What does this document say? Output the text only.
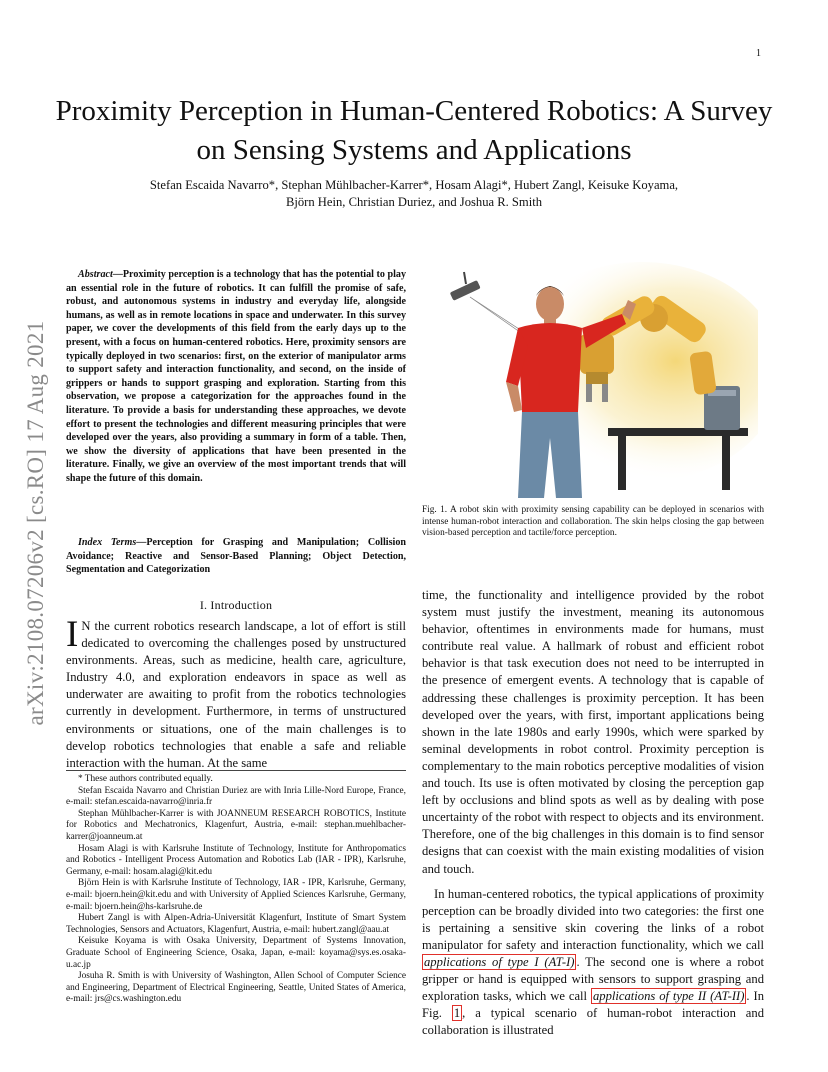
1
Proximity Perception in Human-Centered Robotics: A Survey on Sensing Systems and Applications
Stefan Escaida Navarro*, Stephan Mühlbacher-Karrer*, Hosam Alagi*, Hubert Zangl, Keisuke Koyama,
Björn Hein, Christian Duriez, and Joshua R. Smith
arXiv:2108.07206v2 [cs.RO] 17 Aug 2021
Abstract—Proximity perception is a technology that has the potential to play an essential role in the future of robotics. It can fulfill the promise of safe, robust, and autonomous systems in industry and everyday life, alongside humans, as well as in remote locations in space and underwater. In this survey paper, we cover the developments of this field from the early days up to the present, with a focus on human-centered robotics. Here, proximity sensors are typically deployed in two scenarios: first, on the exterior of manipulator arms to support safety and interaction functionality, and second, on the inside of grippers or hands to support grasping and exploration. Starting from this observation, we propose a categorization for the approaches found in the literature. To provide a basis for understanding these approaches, we devote effort to present the technologies and different measuring principles that were developed over the years, also providing a summary in form of a table. Then, we show the diversity of applications that have been presented in the literature. Finally, we give an overview of the most important trends that will shape the future of this domain.
Index Terms—Perception for Grasping and Manipulation; Collision Avoidance; Reactive and Sensor-Based Planning; Object Detection, Segmentation and Categorization
I. Introduction
I N the current robotics research landscape, a lot of effort is still dedicated to overcoming the challenges posed by unstructured environments. Areas, such as medicine, health care, agriculture, Industry 4.0, and exploration endeavors in space as well as underwater are awaiting to profit from the robotics technologies currently in development. Furthermore, in terms of unstructured environments or situations, one of the main challenges is to develop robotics technologies that enable a safe and reliable interaction with the human. At the same

* These authors contributed equally.

Stefan Escaida Navarro and Christian Duriez are with Inria Lille-Nord Europe, France, e-mail: stefan.escaida-navarro@inria.fr

Stephan Mühlbacher-Karrer is with JOANNEUM RESEARCH ROBOTICS, Institute for Robotics and Mechatronics, Klagenfurt, Austria, e-mail: stephan.muehlbacher-karrer@joanneum.at

Hosam Alagi is with Karlsruhe Institute of Technology, Institute for Anthropomatics and Robotics - Intelligent Process Automation and Robotics Lab (IAR - IPR), Karlsruhe, Germany, e-mail: hosam.alagi@kit.edu

Björn Hein is with Karlsruhe Institute of Technology, IAR - IPR, Karlsruhe, Germany, e-mail: bjoern.hein@kit.edu and with University of Applied Sciences Karlsruhe, Germany, e-mail: bjoern.hein@hs-karlsruhe.de

Hubert Zangl is with Alpen-Adria-Universität Klagenfurt, Institute of Smart System Technologies, Sensors and Actuators, Klagenfurt, Austria, e-mail: hubert.zangl@aau.at

Keisuke Koyama is with Osaka University, Department of Systems Innovation, Graduate School of Engineering Science, Osaka, Japan, e-mail: koyama@sys.es.osaka-u.ac.jp

Josuha R. Smith is with University of Washington, Allen School of Computer Science and Engineering, Department of Electrical Engineering, Seattle, United States of America, e-mail: jrs@cs.washington.edu

Fig. 1. A robot skin with proximity sensing capability can be deployed in scenarios with intense human-robot interaction and collaboration. The skin helps closing the gap between vision-based perception and tactile/force perception.

time, the functionality and intelligence provided by the robot system must justify the investment, meaning its autonomous behavior, oftentimes in environments made for humans, must contribute real value. A hallmark of robust and efficient robot behavior is that task execution does not need to be interrupted in the presence of emergent events. A technology that is capable of addressing these challenges is proximity perception. It has been developed over the years, with first, important applications being shown in the late 1980s and early 1990s, which were sparked by seminal developments in robot control. Proximity perception is complementary to the main robotics perceptive modalities of vision and touch. Its use is often motivated by closing the perception gap left by occlusions and blind spots as well as by dealing with pose uncertainty of the robot with respect to objects and its environment. Therefore, one of the big challenges in this domain is to find sensor designs that can coexist with the main existing modalities of vision and touch.

In human-centered robotics, the typical applications of proximity perception can be broadly divided into two categories: the first one is pertaining a sensitive skin covering the links of a robot manipulator for safety and interaction functionality, which we call applications of type I (AT-I) . The second one is where a robot gripper or hand is equipped with sensors to support grasping and exploration tasks, which we call applications of type II (AT-II) . In Fig. 1 , a typical scenario of human-robot interaction and collaboration is illustrated
